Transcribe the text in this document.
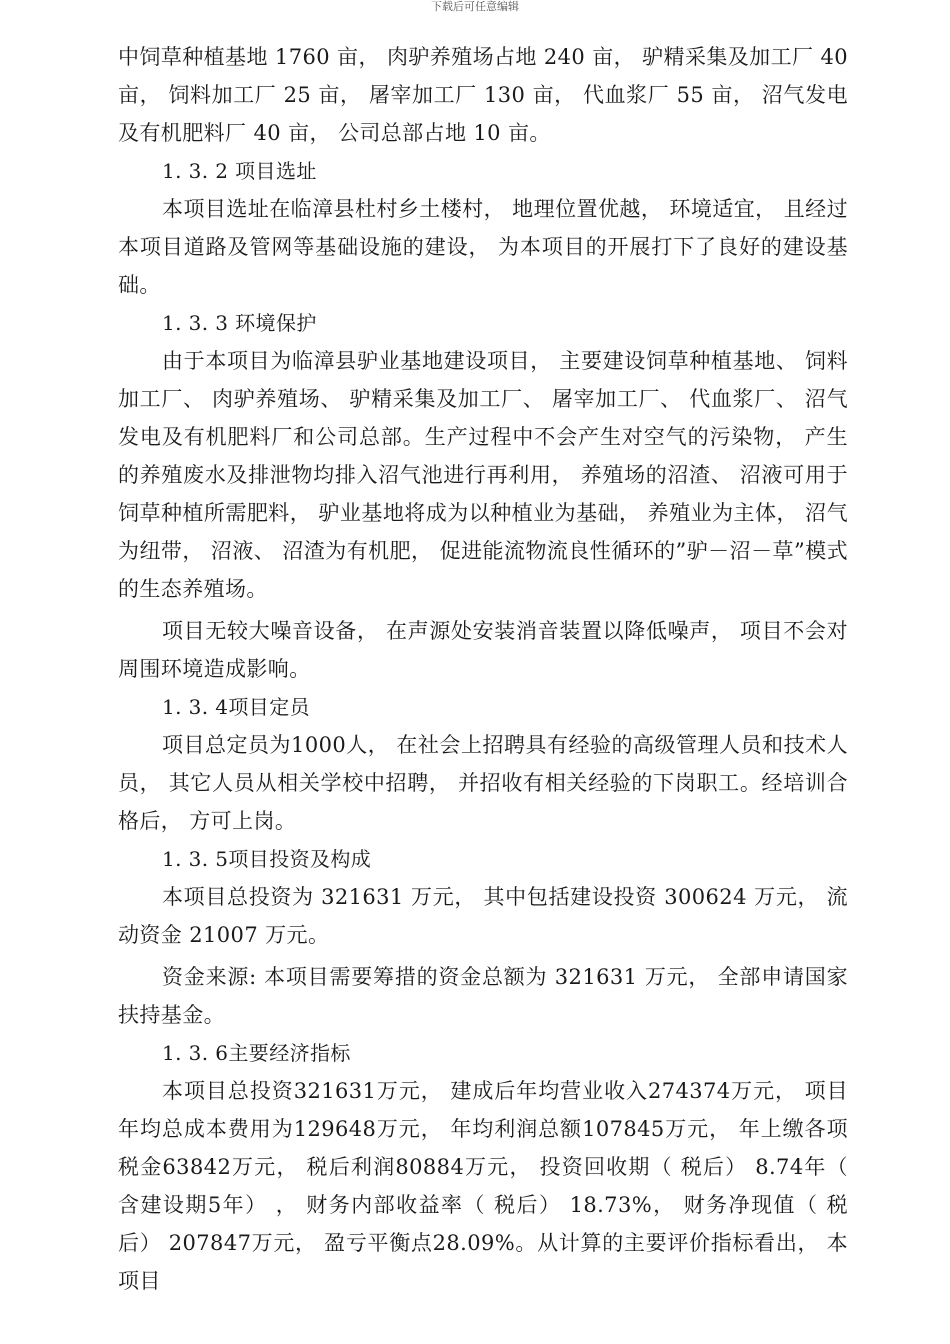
下载后可任意编辑

中饲草种植基地 1760 亩， 肉驴养殖场占地 240 亩， 驴精采集及加工厂 40 亩， 饲料加工厂 25 亩， 屠宰加工厂 130 亩， 代血浆厂 55 亩， 沼气发电及有机肥料厂 40 亩， 公司总部占地 10 亩。

1. 3. 2 项目选址

本项目选址在临漳县杜村乡土楼村， 地理位置优越， 环境适宜， 且经过本项目道路及管网等基础设施的建设， 为本项目的开展打下了良好的建设基础。

1. 3. 3 环境保护

由于本项目为临漳县驴业基地建设项目， 主要建设饲草种植基地、 饲料加工厂、 肉驴养殖场、 驴精采集及加工厂、 屠宰加工厂、 代血浆厂、 沼气发电及有机肥料厂和公司总部。生产过程中不会产生对空气的污染物， 产生的养殖废水及排泄物均排入沼气池进行再利用， 养殖场的沼渣、 沼液可用于饲草种植所需肥料， 驴业基地将成为以种植业为基础， 养殖业为主体， 沼气为纽带， 沼液、 沼渣为有机肥， 促进能流物流良性循环的”驴－沼－草”模式的生态养殖场。

项目无较大噪音设备， 在声源处安装消音装置以降低噪声， 项目不会对周围环境造成影响。

1. 3. 4项目定员

项目总定员为1000人， 在社会上招聘具有经验的高级管理人员和技术人员， 其它人员从相关学校中招聘， 并招收有相关经验的下岗职工。经培训合格后， 方可上岗。

1. 3. 5项目投资及构成

本项目总投资为 321631 万元， 其中包括建设投资 300624 万元， 流动资金 21007 万元。

资金来源: 本项目需要筹措的资金总额为 321631 万元， 全部申请国家扶持基金。

1. 3. 6主要经济指标

本项目总投资321631万元， 建成后年均营业收入274374万元， 项目年均总成本费用为129648万元， 年均利润总额107845万元， 年上缴各项税金63842万元， 税后利润80884万元， 投资回收期（ 税后） 8.74年（ 含建设期5年） ， 财务内部收益率（ 税后） 18.73%， 财务净现值（ 税后） 207847万元， 盈亏平衡点28.09%。从计算的主要评价指标看出， 本项目
